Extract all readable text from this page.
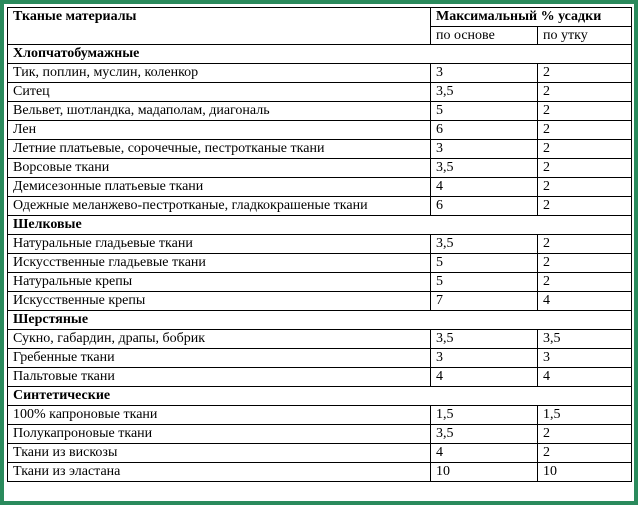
Тканые материалы	Максимальный % усадки	
	по основе	по утку
Хлопчатобумажные		
Тик, поплин, муслин, коленкор	3	2
Ситец	3,5	2
Вельвет, шотландка, мадаполам, диагональ	5	2
Лен	6	2
Летние платьевые, сорочечные, пестротканые ткани	3	2
Ворсовые ткани	3,5	2
Демисезонные платьевые ткани	4	2
Одежные меланжево-пестротканые, гладкокрашеные ткани	6	2
Шелковые		
Натуральные гладьевые ткани	3,5	2
Искусственные гладьевые ткани	5	2
Натуральные крепы	5	2
Искусственные крепы	7	4
Шерстяные		
Сукно, габардин, драпы, бобрик	3,5	3,5
Гребенные ткани	3	3
Пальтовые ткани	4	4
Синтетические		
100% капроновые ткани	1,5	1,5
Полукапроновые ткани	3,5	2
Ткани из вискозы	4	2
Ткани из эластана	10	10
